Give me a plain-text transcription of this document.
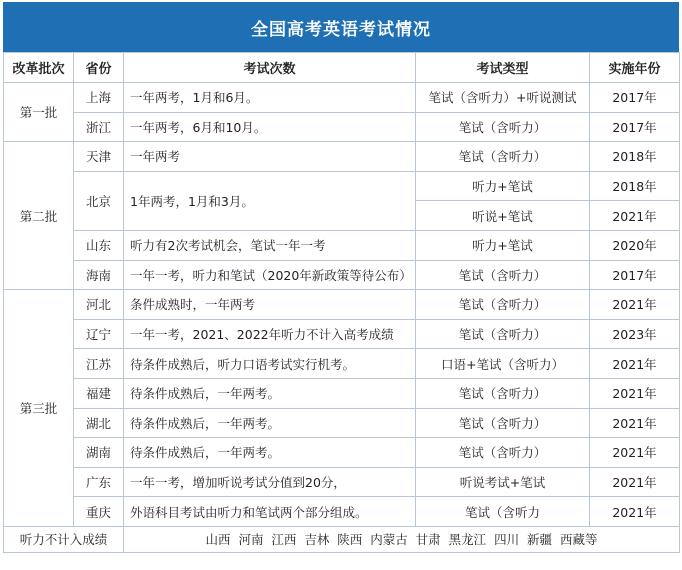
全国高考英语考试情况
改革批次	省份	考试次数	考试类型	实施年份
第一批	上海	一年两考，1月和6月。	笔试（含听力）+听说测试	2017年
	浙江	一年两考，6月和10月。	笔试（含听力）	2017年
第二批	天津	一年两考	笔试（含听力）	2018年
	北京	1年两考，1月和3月。	听力+笔试	2018年
			听说+笔试	2021年
	山东	听力有2次考试机会，笔试一年一考	听力+笔试	2020年
	海南	一年一考，听力和笔试（2020年新政策等待公布）	笔试（含听力）	2017年
第三批	河北	条件成熟时，一年两考	笔试（含听力）	2021年
	辽宁	一年一考，2021、2022年听力不计入高考成绩	笔试（含听力）	2023年
	江苏	待条件成熟后，听力口语考试实行机考。	口语+笔试（含听力）	2021年
	福建	待条件成熟后，一年两考。	笔试（含听力）	2021年
	湖北	待条件成熟后，一年两考。	笔试（含听力）	2021年
	湖南	待条件成熟后，一年两考。	笔试（含听力）	2021年
	广东	一年一考，增加听说考试分值到20分，	听说考试+笔试	2021年
	重庆	外语科目考试由听力和笔试两个部分组成。	笔试（含听力	2021年
听力不计入成绩		山西  河南  江西  吉林  陕西  内蒙古  甘肃  黑龙江  四川  新疆  西藏等		
